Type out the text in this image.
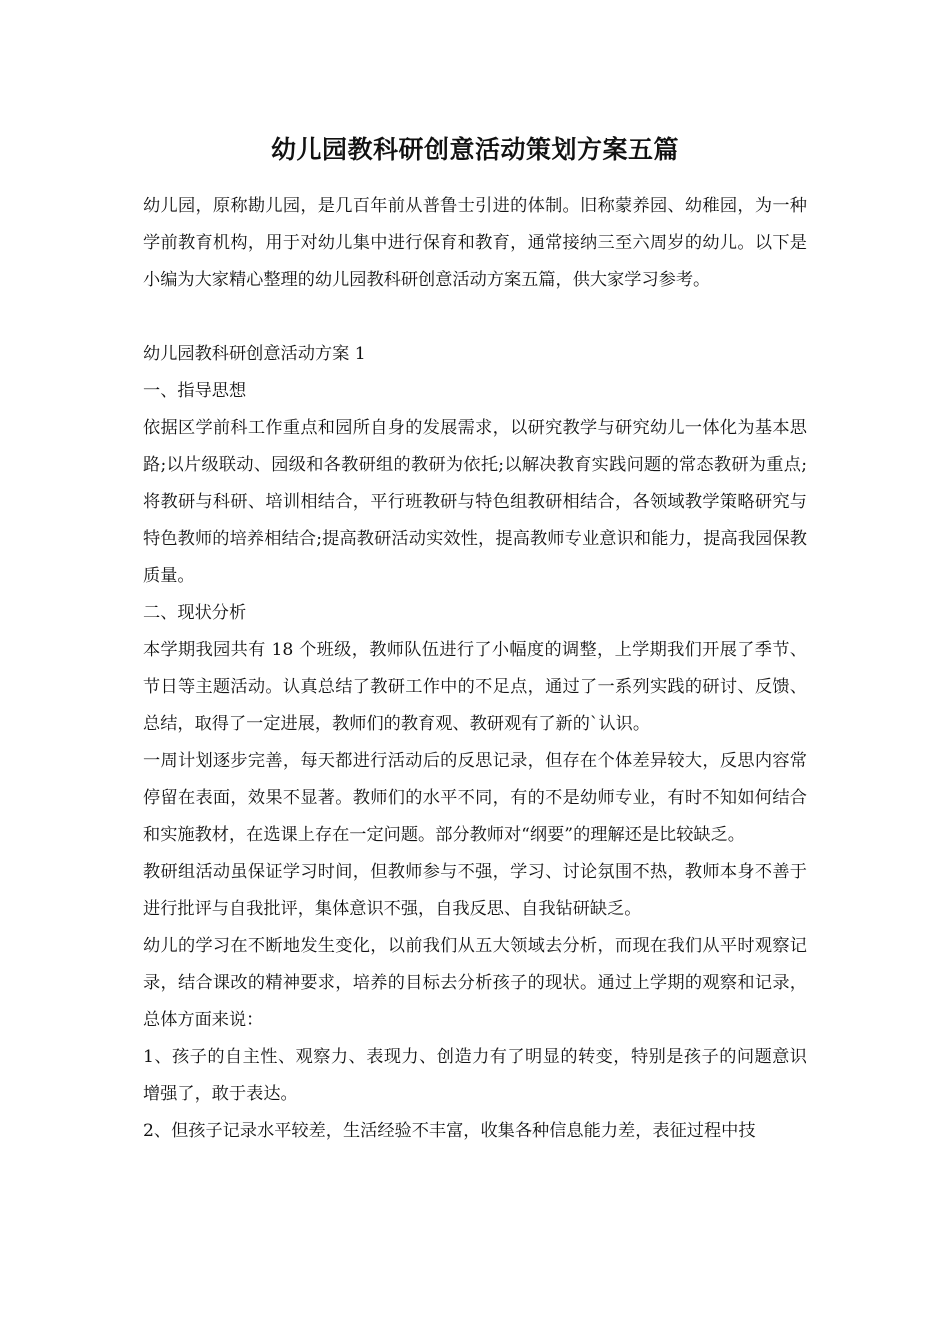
幼儿园教科研创意活动策划方案五篇

幼儿园，原称勘儿园，是几百年前从普鲁士引进的体制。旧称蒙养园、幼稚园，为一种学前教育机构，用于对幼儿集中进行保育和教育，通常接纳三至六周岁的幼儿。以下是小编为大家精心整理的幼儿园教科研创意活动方案五篇，供大家学习参考。

幼儿园教科研创意活动方案 1

一、指导思想

依据区学前科工作重点和园所自身的发展需求，以研究教学与研究幼儿一体化为基本思路;以片级联动、园级和各教研组的教研为依托;以解决教育实践问题的常态教研为重点;将教研与科研、培训相结合，平行班教研与特色组教研相结合，各领域教学策略研究与特色教师的培养相结合;提高教研活动实效性，提高教师专业意识和能力，提高我园保教质量。

二、现状分析

本学期我园共有 18 个班级，教师队伍进行了小幅度的调整，上学期我们开展了季节、节日等主题活动。认真总结了教研工作中的不足点，通过了一系列实践的研讨、反馈、总结，取得了一定进展，教师们的教育观、教研观有了新的`认识。

一周计划逐步完善，每天都进行活动后的反思记录，但存在个体差异较大，反思内容常停留在表面，效果不显著。教师们的水平不同，有的不是幼师专业，有时不知如何结合和实施教材，在选课上存在一定问题。部分教师对“纲要”的理解还是比较缺乏。

教研组活动虽保证学习时间，但教师参与不强，学习、讨论氛围不热，教师本身不善于进行批评与自我批评，集体意识不强，自我反思、自我钻研缺乏。

幼儿的学习在不断地发生变化，以前我们从五大领域去分析，而现在我们从平时观察记录，结合课改的精神要求，培养的目标去分析孩子的现状。通过上学期的观察和记录，总体方面来说：

1、孩子的自主性、观察力、表现力、创造力有了明显的转变，特别是孩子的问题意识增强了，敢于表达。

2、但孩子记录水平较差，生活经验不丰富，收集各种信息能力差，表征过程中技
